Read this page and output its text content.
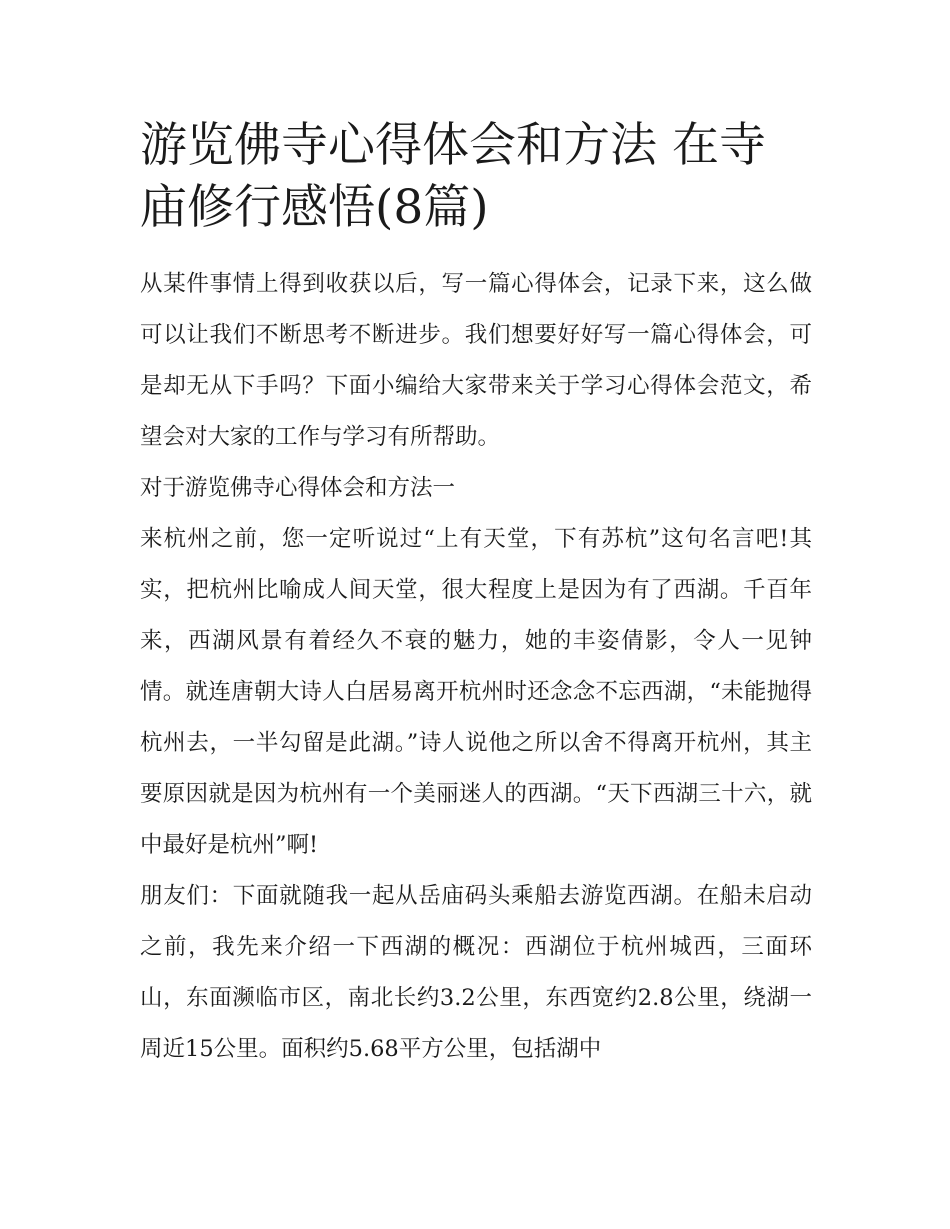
游览佛寺心得体会和方法 在寺庙修行感悟(8篇)

从某件事情上得到收获以后，写一篇心得体会，记录下来，这么做可以让我们不断思考不断进步。我们想要好好写一篇心得体会，可是却无从下手吗？下面小编给大家带来关于学习心得体会范文，希望会对大家的工作与学习有所帮助。

对于游览佛寺心得体会和方法一

来杭州之前，您一定听说过“上有天堂，下有苏杭”这句名言吧!其实，把杭州比喻成人间天堂，很大程度上是因为有了西湖。千百年来，西湖风景有着经久不衰的魅力，她的丰姿倩影，令人一见钟情。就连唐朝大诗人白居易离开杭州时还念念不忘西湖，“未能抛得杭州去，一半勾留是此湖。”诗人说他之所以舍不得离开杭州，其主要原因就是因为杭州有一个美丽迷人的西湖。“天下西湖三十六，就中最好是杭州”啊!

朋友们：下面就随我一起从岳庙码头乘船去游览西湖。在船未启动之前，我先来介绍一下西湖的概况：西湖位于杭州城西，三面环山，东面濒临市区，南北长约3.2公里，东西宽约2.8公里，绕湖一周近15公里。面积约5.68平方公里，包括湖中
